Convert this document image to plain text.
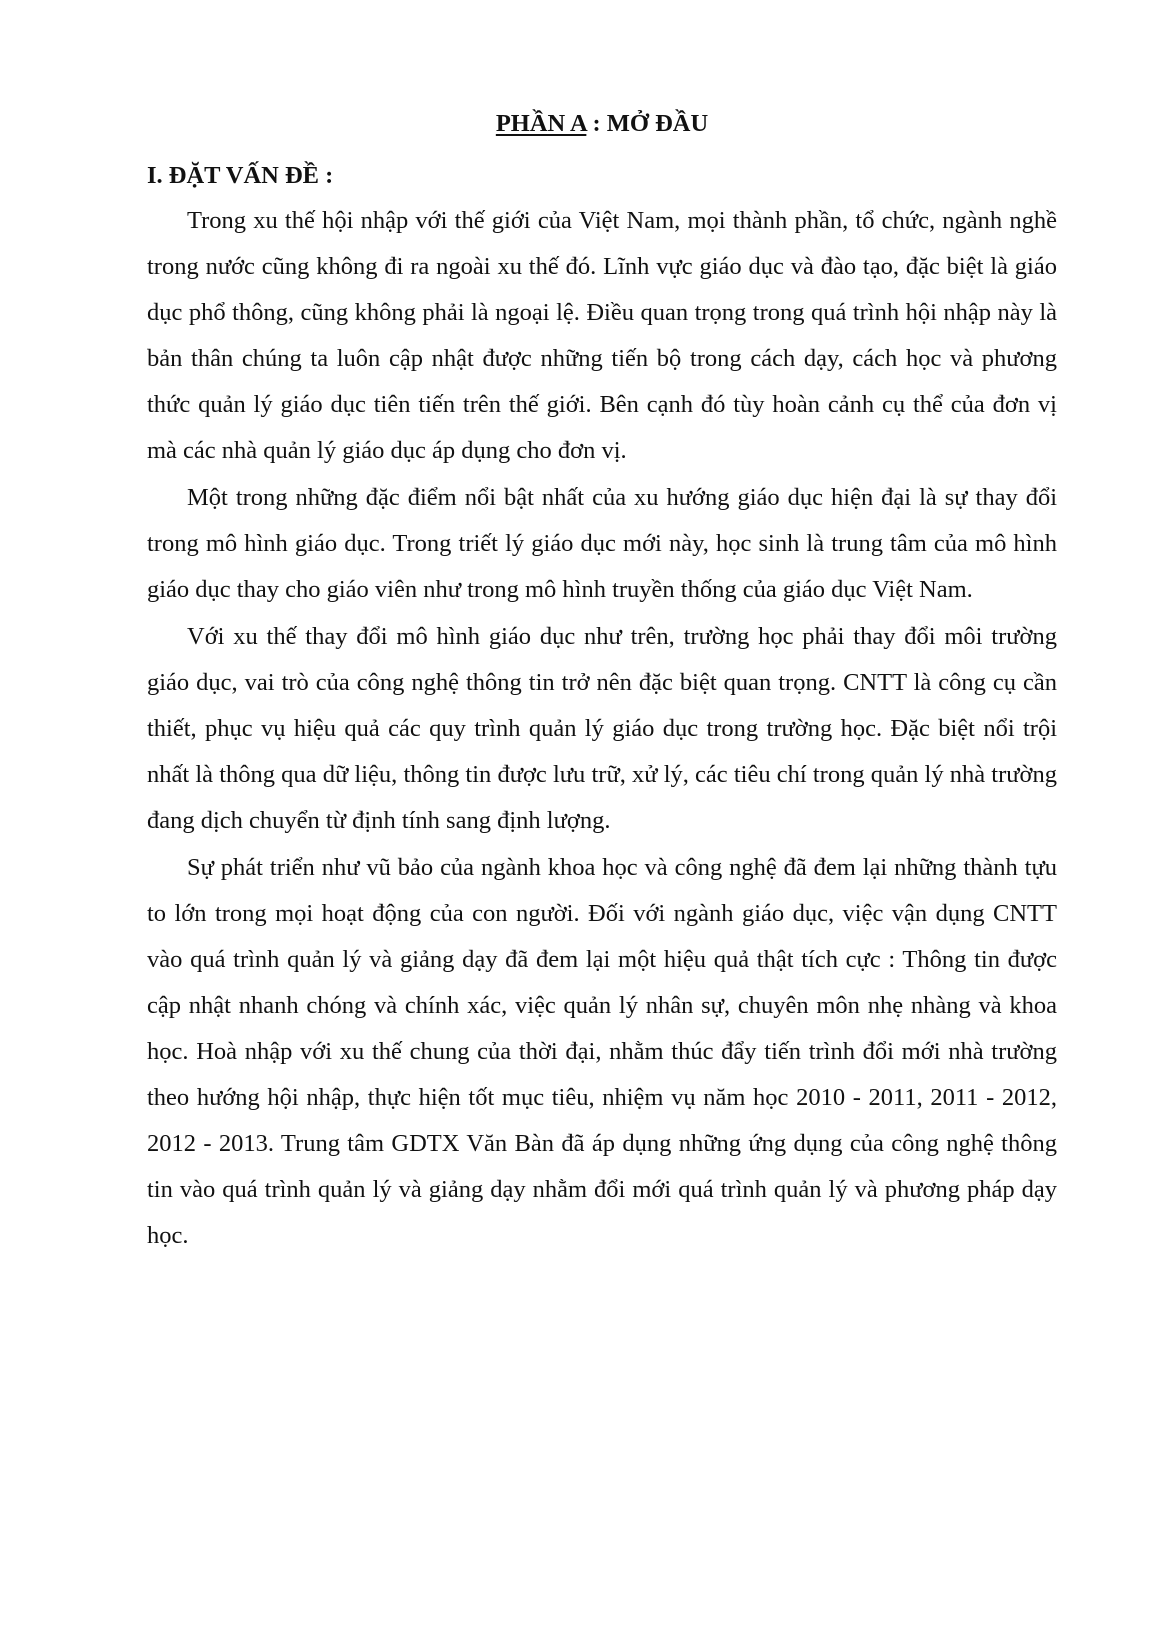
PHẦN A : MỞ ĐẦU
I. ĐẶT VẤN ĐỀ :

Trong xu thế hội nhập với thế giới của Việt Nam, mọi thành phần, tổ chức, ngành nghề trong nước cũng không đi ra ngoài xu thế đó. Lĩnh vực giáo dục và đào tạo, đặc biệt là giáo dục phổ thông, cũng không phải là ngoại lệ. Điều quan trọng trong quá trình hội nhập này là bản thân chúng ta luôn cập nhật được những tiến bộ trong cách dạy, cách học và phương thức quản lý giáo dục tiên tiến trên thế giới. Bên cạnh đó tùy hoàn cảnh cụ thể của đơn vị mà các nhà quản lý giáo dục áp dụng cho đơn vị.

Một trong những đặc điểm nổi bật nhất của xu hướng giáo dục hiện đại là sự thay đổi trong mô hình giáo dục. Trong triết lý giáo dục mới này, học sinh là trung tâm của mô hình giáo dục thay cho giáo viên như trong mô hình truyền thống của giáo dục Việt Nam.

Với xu thế thay đổi mô hình giáo dục như trên, trường học phải thay đổi môi trường giáo dục, vai trò của công nghệ thông tin trở nên đặc biệt quan trọng. CNTT là công cụ cần thiết, phục vụ hiệu quả các quy trình quản lý giáo dục trong trường học. Đặc biệt nổi trội nhất là thông qua dữ liệu, thông tin được lưu trữ, xử lý, các tiêu chí trong quản lý nhà trường đang dịch chuyển từ định tính sang định lượng.

Sự phát triển như vũ bảo của ngành khoa học và công nghệ đã đem lại những thành tựu to lớn trong mọi hoạt động của con người. Đối với ngành giáo dục, việc vận dụng CNTT vào quá trình quản lý và giảng dạy đã đem lại một hiệu quả thật tích cực : Thông tin được cập nhật nhanh chóng và chính xác, việc quản lý nhân sự, chuyên môn nhẹ nhàng và khoa học. Hoà nhập với xu thế chung của thời đại, nhằm thúc đẩy tiến trình đổi mới nhà trường theo hướng hội nhập, thực hiện tốt mục tiêu, nhiệm vụ năm học 2010 - 2011, 2011 - 2012, 2012 - 2013. Trung tâm GDTX Văn Bàn đã áp dụng những ứng dụng của công nghệ thông tin vào quá trình quản lý và giảng dạy nhằm đổi mới quá trình quản lý và phương pháp dạy học.
